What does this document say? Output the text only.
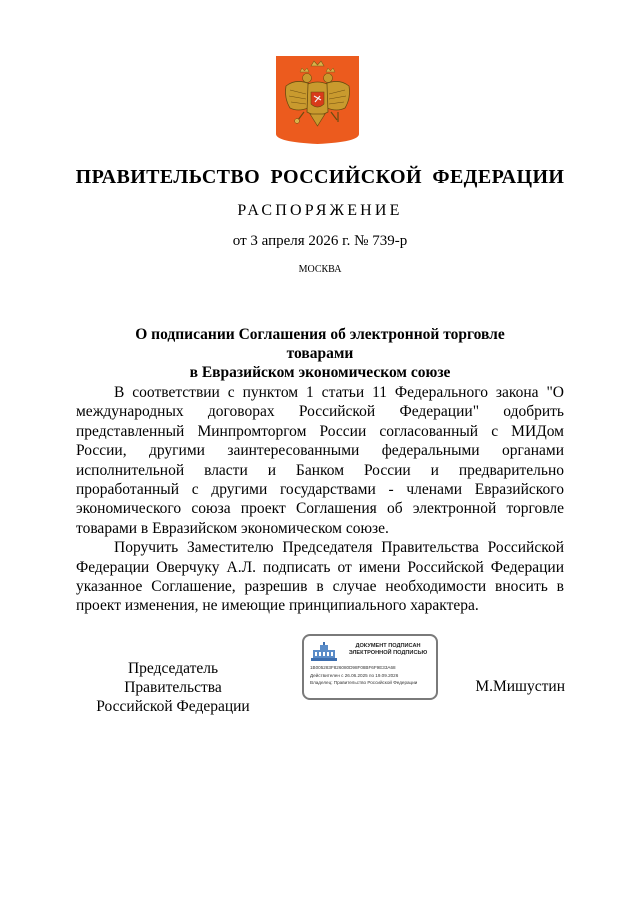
ПРАВИТЕЛЬСТВО РОССИЙСКОЙ ФЕДЕРАЦИИ
РАСПОРЯЖЕНИЕ
от 3 апреля 2026 г. № 739-р
МОСКВА
О подписании Соглашения об электронной торговле товарами
в Евразийском экономическом союзе

В соответствии с пунктом 1 статьи 11 Федерального закона "О международных договорах Российской Федерации" одобрить представленный Минпромторгом России согласованный с МИДом России, другими заинтересованными федеральными органами исполнительной власти и Банком России и предварительно проработанный с другими государствами - членами Евразийского экономического союза проект Соглашения об электронной торговле товарами в Евразийском экономическом союзе.

Поручить Заместителю Председателя Правительства Российской Федерации Оверчуку А.Л. подписать от имени Российской Федерации указанное Соглашение, разрешив в случае необходимости вносить в проект изменения, не имеющие принципиального характера.

Председатель Правительства
Российской Федерации
ДОКУМЕНТ ПОДПИСАН
ЭЛЕКТРОННОЙ ПОДПИСЬЮ
1B005283F826080D98F08BF6F9E33A68
Действителен с 26.06.2025 по 19.09.2026
Владелец: Правительство Российской Федерации	М.Мишустин
